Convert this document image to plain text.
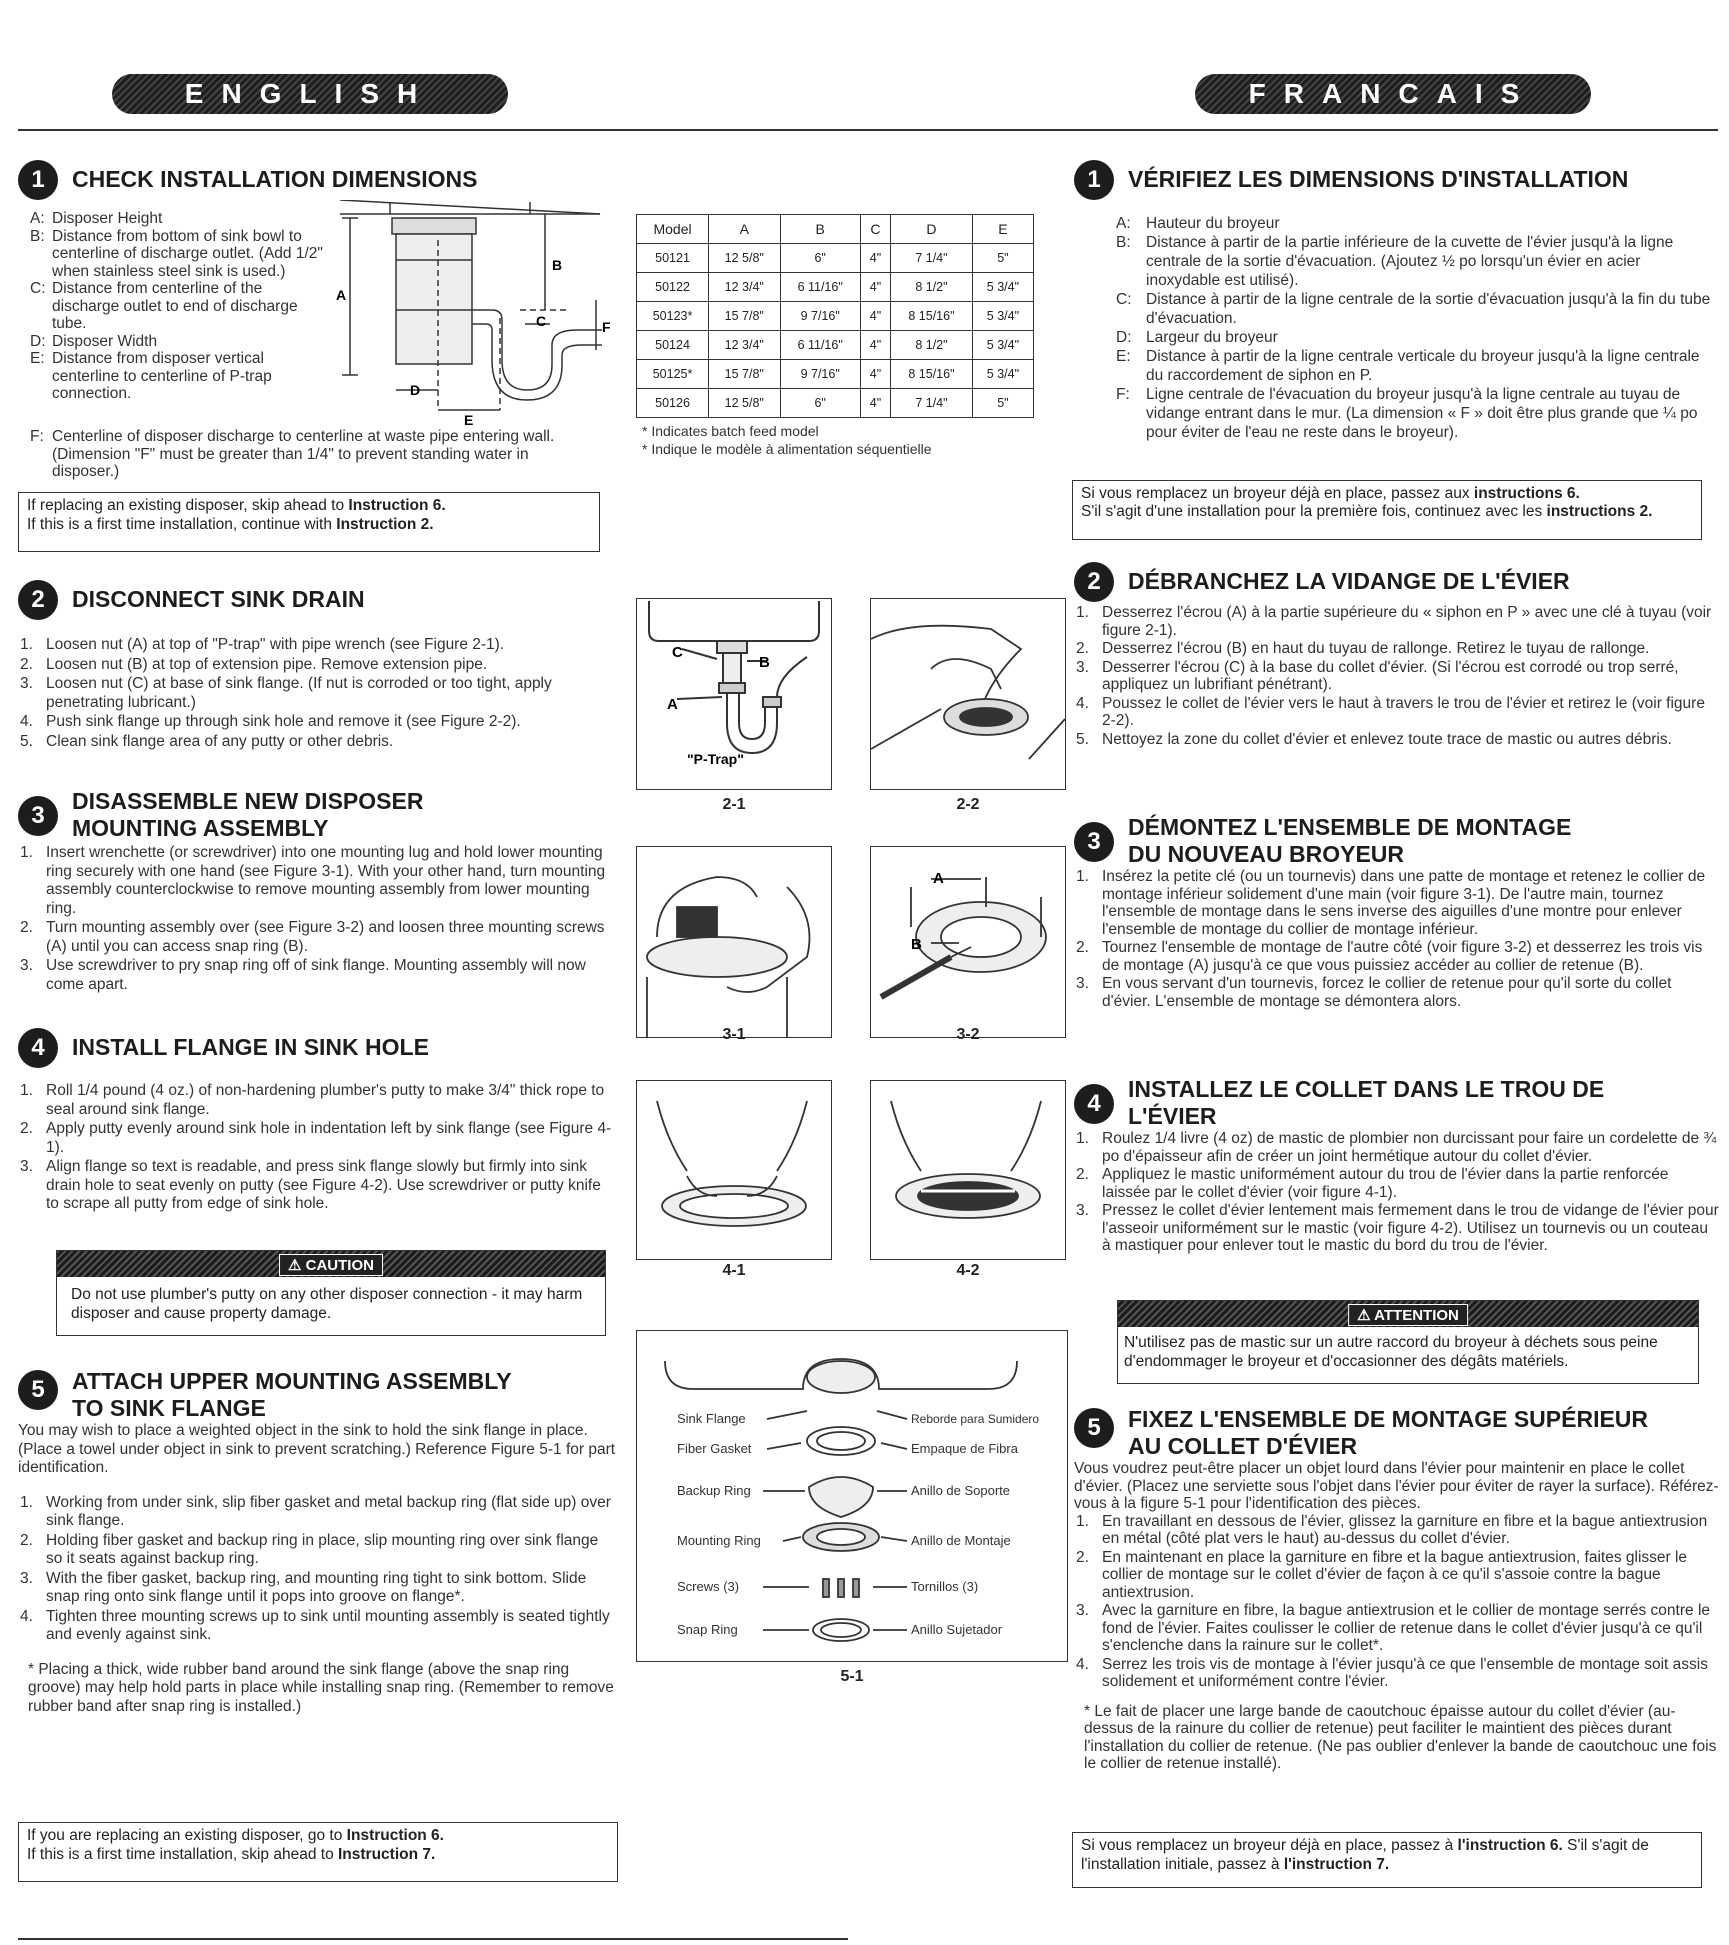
ENGLISH	FRANCAIS
1	CHECK INSTALLATION DIMENSIONS
A: Disposer Height
B: Distance from bottom of sink bowl to centerline of discharge outlet. (Add 1/2" when stainless steel sink is used.)
C: Distance from centerline of the discharge outlet to end of discharge tube.
D: Disposer Width
E: Distance from disposer vertical centerline to centerline of P-trap connection.
F: Centerline of disposer discharge to centerline at waste pipe entering wall. (Dimension "F" must be greater than 1/4" to prevent standing water in disposer.)
A
B
C
D
E
F
If replacing an existing disposer, skip ahead to Instruction 6.
If this is a first time installation, continue with Instruction 2.
2	DISCONNECT SINK DRAIN
1. Loosen nut (A) at top of "P-trap" with pipe wrench (see Figure 2-1).
2. Loosen nut (B) at top of extension pipe. Remove extension pipe.
3. Loosen nut (C) at base of sink flange. (If nut is corroded or too tight, apply penetrating lubricant.)
4. Push sink flange up through sink hole and remove it (see Figure 2-2).
5. Clean sink flange area of any putty or other debris.
3
DISASSEMBLE NEW DISPOSER
MOUNTING ASSEMBLY
1. Insert wrenchette (or screwdriver) into one mounting lug and hold lower mounting ring securely with one hand (see Figure 3-1). With your other hand, turn mounting assembly counterclockwise to remove mounting assembly from lower mounting ring.
2. Turn mounting assembly over (see Figure 3-2) and loosen three mounting screws (A) until you can access snap ring (B).
3. Use screwdriver to pry snap ring off of sink flange. Mounting assembly will now come apart.
4	INSTALL FLANGE IN SINK HOLE
1. Roll 1/4 pound (4 oz.) of non-hardening plumber's putty to make 3/4" thick rope to seal around sink flange.
2. Apply putty evenly around sink hole in indentation left by sink flange (see Figure 4-1).
3. Align flange so text is readable, and press sink flange slowly but firmly into sink drain hole to seat evenly on putty (see Figure 4-2). Use screwdriver or putty knife to scrape all putty from edge of sink hole.
⚠ CAUTION
Do not use plumber's putty on any other disposer connection - it may harm disposer and cause property damage.
5	ATTACH UPPER MOUNTING ASSEMBLY
TO SINK FLANGE
You may wish to place a weighted object in the sink to hold the sink flange in place. (Place a towel under object in sink to prevent scratching.) Reference Figure 5-1 for part identification.
1. Working from under sink, slip fiber gasket and metal backup ring (flat side up) over sink flange.
2. Holding fiber gasket and backup ring in place, slip mounting ring over sink flange so it seats against backup ring.
3. With the fiber gasket, backup ring, and mounting ring tight to sink bottom. Slide snap ring onto sink flange until it pops into groove on flange*.
4. Tighten three mounting screws up to sink until mounting assembly is seated tightly and evenly against sink.
* Placing a thick, wide rubber band around the sink flange (above the snap ring groove) may help hold parts in place while installing snap ring. (Remember to remove rubber band after snap ring is installed.)
If you are replacing an existing disposer, go to Instruction 6.
If this is a first time installation, skip ahead to Instruction 7.
Model	A	B	C	D	E
50121	12 5/8"	6"	4"	7 1/4"	5"
50122	12 3/4"	6 11/16"	4"	8 1/2"	5 3/4"
50123*	15 7/8"	9 7/16"	4"	8 15/16"	5 3/4"
50124	12 3/4"	6 11/16"	4"	8 1/2"	5 3/4"
50125*	15 7/8"	9 7/16"	4"	8 15/16"	5 3/4"
50126	12 5/8"	6"	4"	7 1/4"	5"
* Indicates batch feed model
* Indique le modèle à alimentation séquentielle
C
B
A
"P-Trap"
2-1	2-2
3-1
A
B
3-2
4-1	4-2
Sink Flange	Reborde para Sumidero
Fiber Gasket	Empaque de Fibra
Backup Ring	Anillo de Soporte
Mounting Ring	Anillo de Montaje
Screws (3)	Tornillos (3)
Snap Ring	Anillo Sujetador
5-1
1	VÉRIFIEZ LES DIMENSIONS D'INSTALLATION
A: Hauteur du broyeur
B: Distance à partir de la partie inférieure de la cuvette de l'évier jusqu'à la ligne centrale de la sortie d'évacuation. (Ajoutez ½ po lorsqu'un évier en acier inoxydable est utilisé).
C: Distance à partir de la ligne centrale de la sortie d'évacuation jusqu'à la fin du tube d'évacuation.
D: Largeur du broyeur
E: Distance à partir de la ligne centrale verticale du broyeur jusqu'à la ligne centrale du raccordement de siphon en P.
F:	Ligne centrale de l'évacuation du broyeur jusqu'à la ligne centrale au tuyau de vidange entrant dans le mur. (La dimension « F » doit être plus grande que ¼ po pour éviter de l'eau ne reste dans le broyeur).
Si vous remplacez un broyeur déjà en place, passez aux instructions 6.
S'il s'agit d'une installation pour la première fois, continuez avec les instructions 2.
2	DÉBRANCHEZ LA VIDANGE DE L'ÉVIER
1. Desserrez l'écrou (A) à la partie supérieure du « siphon en P » avec une clé à tuyau (voir figure 2-1).
2. Desserrez l'écrou (B) en haut du tuyau de rallonge. Retirez le tuyau de rallonge.
3. Desserrer l'écrou (C) à la base du collet d'évier. (Si l'écrou est corrodé ou trop serré, appliquez un lubrifiant pénétrant).
4. Poussez le collet de l'évier vers le haut à travers le trou de l'évier et retirez le (voir figure 2-2).
5. Nettoyez la zone du collet d'évier et enlevez toute trace de mastic ou autres débris.
3
DÉMONTEZ L'ENSEMBLE DE MONTAGE
DU NOUVEAU BROYEUR
1. Insérez la petite clé (ou un tournevis) dans une patte de montage et retenez le collier de montage inférieur solidement d'une main (voir figure 3-1). De l'autre main, tournez l'ensemble de montage dans le sens inverse des aiguilles d'une montre pour enlever l'ensemble de montage du collier de montage inférieur.
2. Tournez l'ensemble de montage de l'autre côté (voir figure 3-2) et desserrez les trois vis de montage (A) jusqu'à ce que vous puissiez accéder au collier de retenue (B).
3. En vous servant d'un tournevis, forcez le collier de retenue pour qu'il sorte du collet d'évier. L'ensemble de montage se démontera alors.
4
INSTALLEZ LE COLLET DANS LE TROU DE
L'ÉVIER
1. Roulez 1/4 livre (4 oz) de mastic de plombier non durcissant pour faire un cordelette de ¾ po d'épaisseur afin de créer un joint hermétique autour du collet d'évier.
2. Appliquez le mastic uniformément autour du trou de l'évier dans la partie renforcée laissée par le collet d'évier (voir figure 4-1).
3. Pressez le collet d'évier lentement mais fermement dans le trou de vidange de l'évier pour l'asseoir uniformément sur le mastic (voir figure 4-2). Utilisez un tournevis ou un couteau à mastiquer pour enlever tout le mastic du bord du trou de l'évier.
⚠ ATTENTION
N'utilisez pas de mastic sur un autre raccord du broyeur à déchets sous peine d'endommager le broyeur et d'occasionner des dégâts matériels.
5	FIXEZ L'ENSEMBLE DE MONTAGE SUPÉRIEUR
AU COLLET D'ÉVIER
Vous voudrez peut-être placer un objet lourd dans l'évier pour maintenir en place le collet d'évier. (Placez une serviette sous l'objet dans l'évier pour éviter de rayer la surface). Référez-vous à la figure 5-1 pour l'identification des pièces.
1. En travaillant en dessous de l'évier, glissez la garniture en fibre et la bague antiextrusion en métal (côté plat vers le haut) au-dessus du collet d'évier.
2. En maintenant en place la garniture en fibre et la bague antiextrusion, faites glisser le collier de montage sur le collet d'évier de façon à ce qu'il s'assoie contre la bague antiextrusion.
3. Avec la garniture en fibre, la bague antiextrusion et le collier de montage serrés contre le fond de l'évier. Faites coulisser le collier de retenue dans le collet d'évier jusqu'à ce qu'il s'enclenche dans la rainure sur le collet*.
4. Serrez les trois vis de montage à l'évier jusqu'à ce que l'ensemble de montage soit assis solidement et uniformément contre l'évier.
* Le fait de placer une large bande de caoutchouc épaisse autour du collet d'évier (au-dessus de la rainure du collier de retenue) peut faciliter le maintient des pièces durant l'installation du collier de retenue. (Ne pas oublier d'enlever la bande de caoutchouc une fois le collier de retenue installé).
Si vous remplacez un broyeur déjà en place, passez à l'instruction 6. S'il s'agit de l'installation initiale, passez à l'instruction 7.
